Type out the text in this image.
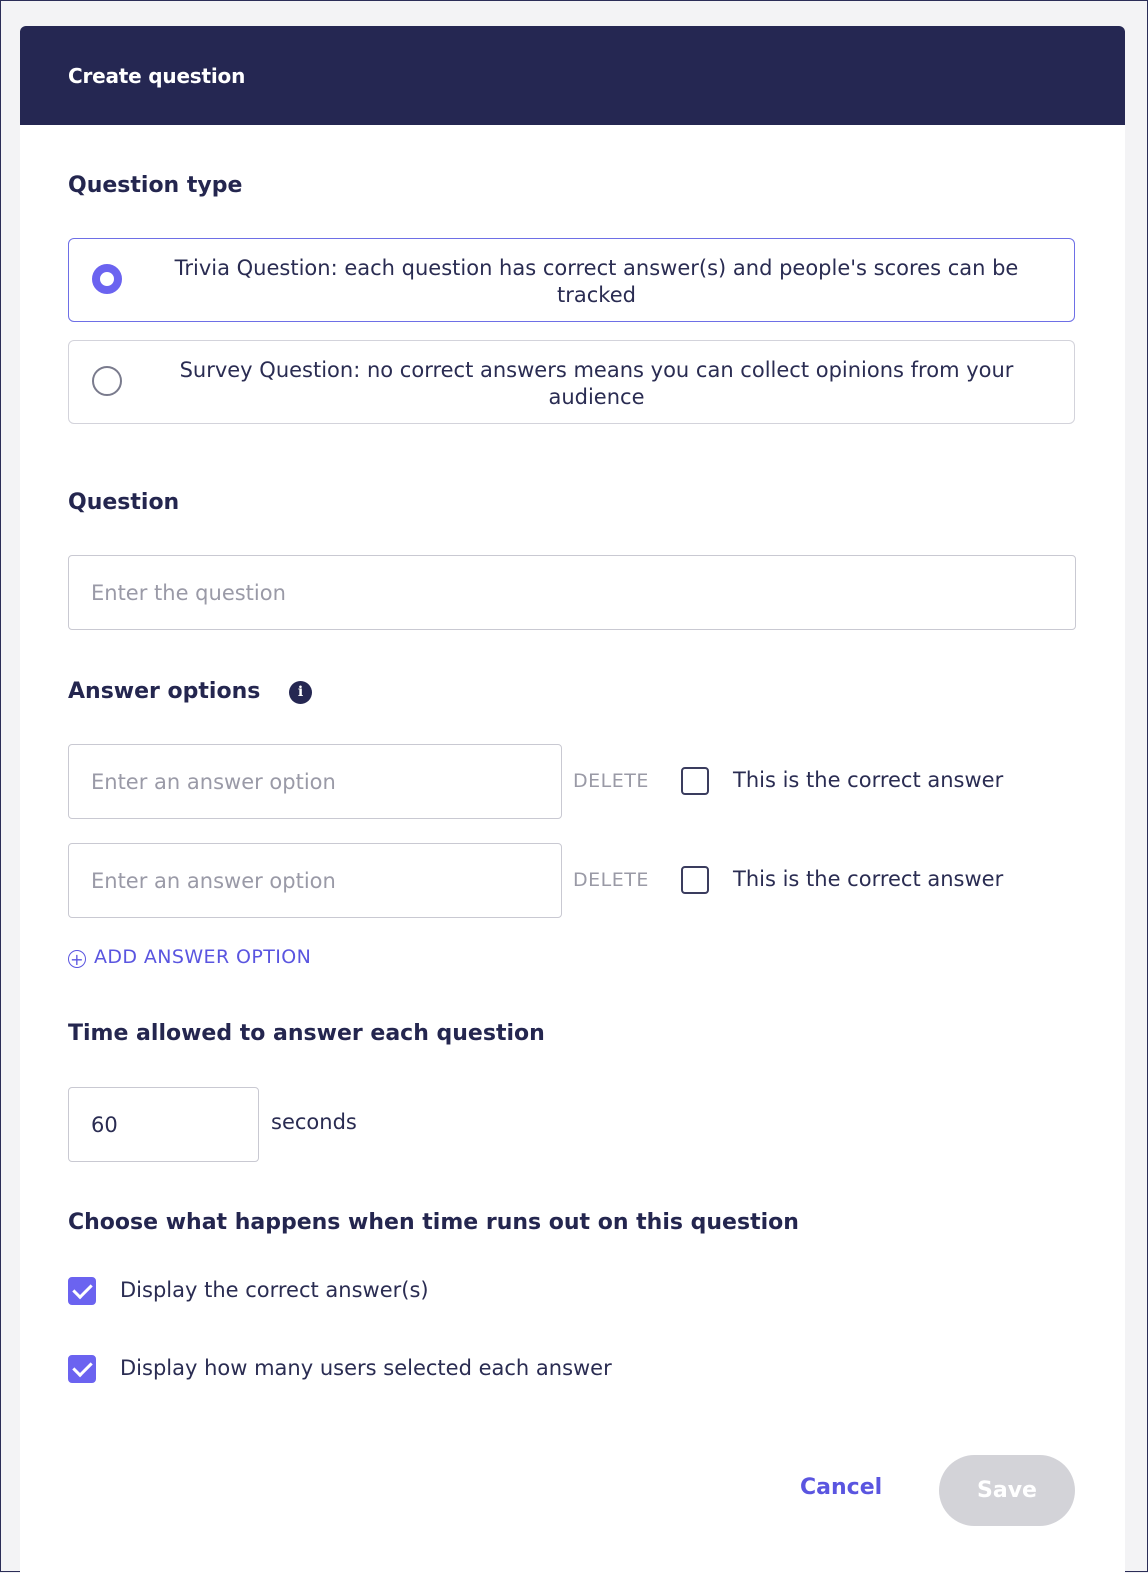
Create question
Question type
Trivia Question: each question has correct answer(s) and people's scores can be tracked
Survey Question: no correct answers means you can collect opinions from your audience
Question
Enter the question
Answer options	i
Enter an answer option
DELETE	This is the correct answer
Enter an answer option
DELETE	This is the correct answer
+ ADD ANSWER OPTION
Time allowed to answer each question
60
seconds
Choose what happens when time runs out on this question
Display the correct answer(s)
Display how many users selected each answer
Cancel	Save
